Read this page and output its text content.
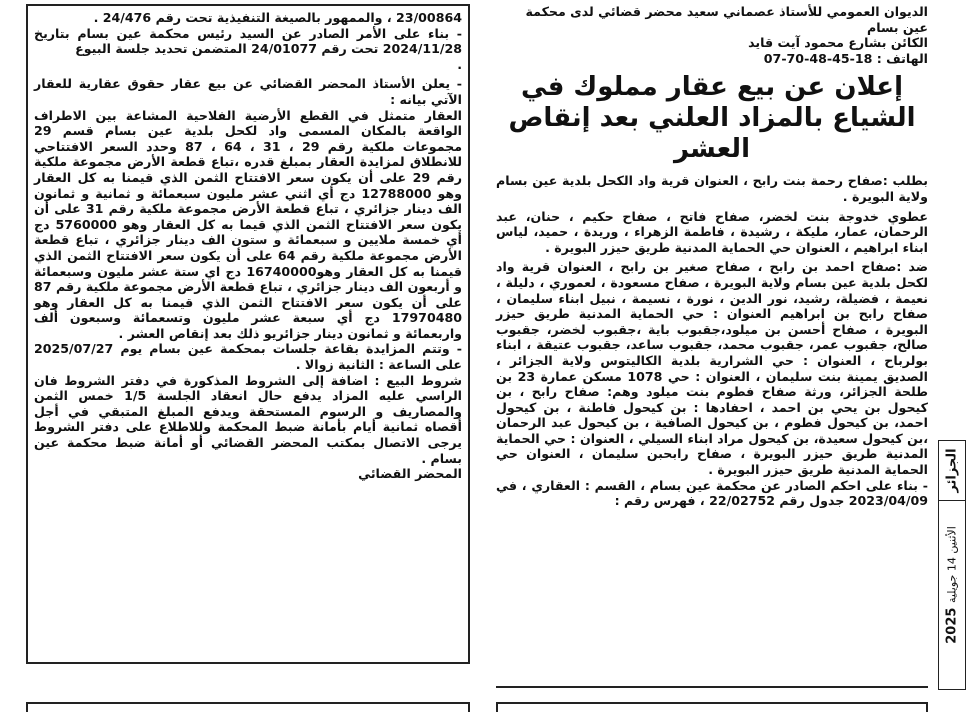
الديوان العمومي للأستاذ عصماني سعيد محضر قضائي لدى محكمة

عين بسام

الكائن بشارع محمود آيت قايد

الهاتف : 18-45-48-70-07

إعلان عن بيع عقار مملوك في الشياع بالمزاد العلني بعد إنقاص العشر

بطلب :صفاح رحمة بنت رابح ، العنوان قرية واد الكحل بلدية عين بسام ولاية البويرة .

عطوي خدوجة بنت لخضر، صفاح فاتح ، صفاح حكيم ، حنان، عبد الرحمان، عمار، مليكة ، رشيدة ، فاطمة الزهراء ، وريدة ، حميد، لياس ابناء ابراهيم ، العنوان حي الحماية المدنية طريق حيزر البويرة .

ضد :صفاح احمد بن رابح ، صفاح صغير بن رابح ، العنوان قرية واد لكحل بلدية عين بسام ولاية البويرة ، صفاح مسعودة ، لعموري ، دليلة ، نعيمة ، فضيلة، رشيد، نور الدين ، نورة ، نسيمة ، نبيل ابناء سليمان ، صفاح رابح بن ابراهيم العنوان : حي الحماية المدنية طريق حيزر البويرة ، صفاح أحسن بن ميلود،جقبوب باية ،جقبوب لخضر، جقبوب صالح، جقبوب عمر، جقبوب محمد، جقبوب ساعد، جقبوب عتيقة ، ابناء بولرباح ، العنوان : حي الشرارية بلدية الكاليتوس ولاية الجزائر ، الصديق يمينة بنت سليمان ، العنوان : حي 1078 مسكن عمارة 23 بن طلحة الجزائر، ورثة صفاح فطوم بنت ميلود وهم: صفاح رابح ، بن كيحول بن يحي بن احمد ، احفادها : بن كيحول فاطنة ، بن كيحول احمد، بن كيحول فطوم ، بن كيحول الصافية ، بن كيحول عبد الرحمان ،بن كيحول سعيدة، بن كيحول مراد ابناء السيلي ، العنوان : حي الحماية المدنية طريق حيزر البويرة ، صفاح رابحبن سليمان ، العنوان حي الحماية المدنية طريق حيزر البويرة .

- بناء على احكم الصادر عن محكمة عين بسام ، القسم : العقاري ، في 2023/04/09 جدول رقم 22/02752 ، فهرس رقم :

23/00864 ، والممهور بالصيغة التنفيذية تحت رقم 24/476 .

- بناء على الأمر الصادر عن السيد رئيس محكمة عين بسام بتاريخ 2024/11/28 تحت رقم 24/01077 المتضمن تحديد جلسة البيوع

.

- يعلن الأستاذ المحضر القضائي عن بيع عقار حقوق عقارية للعقار الآتي بيانه :

العقار متمثل في القطع الأرضية الفلاحية المشاعة بين الاطراف الواقعة بالمكان المسمى واد لكحل بلدية عين بسام قسم 29 مجموعات ملكية رقم 29 ، 31 ، 64 ، 87 وحدد السعر الافتتاحي للانطلاق لمزايدة العقار بمبلغ قدره ،تباع قطعة الأرض مجموعة ملكية رقم 29 على أن يكون سعر الافتتاح الثمن الذي قيمنا به كل العقار وهو 12788000 دج أي اثني عشر مليون سبعمائة و ثمانية و ثمانون الف دينار جزائري ، تباع قطعة الأرض مجموعة ملكية رقم 31 على أن يكون سعر الافتتاح الثمن الذي قيما به كل العقار وهو 5760000 دج أي خمسة ملايين و سبعمائة و ستون الف دينار جزائري ، تباع قطعة الأرض مجموعة ملكية رقم 64 على أن يكون سعر الافتتاح الثمن الذي قيمنا به كل العقار وهو16740000 دج اي ستة عشر مليون وسبعمائة و أربعون الف دينار جزائري ، تباع قطعة الأرض مجموعة ملكية رقم 87 على أن يكون سعر الافتتاح الثمن الذي قيمنا به كل العقار وهو 17970480 دج أي سبعة عشر مليون وتسعمائة وسبعون ألف واربعمائة و ثمانون دينار جزائريو ذلك بعد إنقاص العشر .

- وتتم المزايدة بقاعة جلسات بمحكمة عين بسام يوم 2025/07/27 على الساعة : الثانية زوالا .

شروط البيع : اضافة إلى الشروط المذكورة في دفتر الشروط فان الراسي عليه المزاد يدفع حال انعقاد الجلسة 1/5 خمس الثمن والمصاريف و الرسوم المستحقة ويدفع المبلغ المتبقي في أجل أقصاه ثمانية أيام بأمانة ضبط المحكمة وللاطلاع على دفتر الشروط يرجى الاتصال بمكتب المحضر القضائي أو أمانة ضبط محكمة عين بسام .

المحضر القضائي	الجزائر
الأثنين 14 جويلية 2025
